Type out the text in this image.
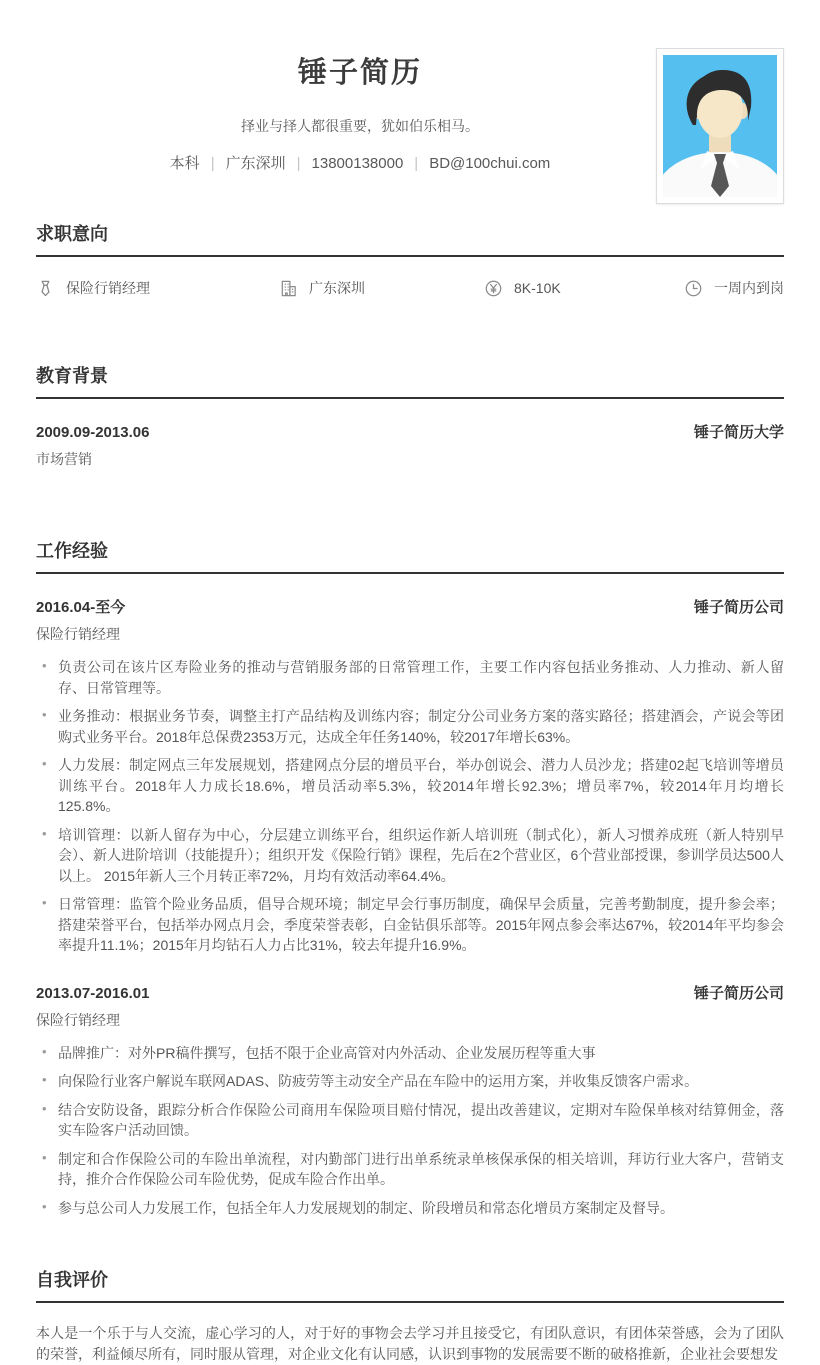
锤子简历

择业与择人都很重要，犹如伯乐相马。

本科 | 广东深圳 | 13800138000 | BD@100chui.com

求职意向
保险行销经理	广东深圳	8K-10K	一周内到岗
教育背景
2009.09-2013.06	锤子简历大学
市场营销
工作经验
2016.04-至今	锤子简历公司
保险行销经理
• 负责公司在该片区寿险业务的推动与营销服务部的日常管理工作，主要工作内容包括业务推动、人力推动、新人留存、日常管理等。
• 业务推动：根据业务节奏，调整主打产品结构及训练内容；制定分公司业务方案的落实路径；搭建酒会，产说会等团购式业务平台。2018年总保费2353万元，达成全年任务140%，较2017年增长63%。
• 人力发展：制定网点三年发展规划，搭建网点分层的增员平台，举办创说会、潜力人员沙龙；搭建02起飞培训等增员训练平台。2018年人力成长18.6%，增员活动率5.3%，较2014年增长92.3%；增员率7%，较2014年月均增长125.8%。
• 培训管理：以新人留存为中心，分层建立训练平台，组织运作新人培训班（制式化），新人习惯养成班（新人特别早会）、新人进阶培训（技能提升）；组织开发《保险行销》课程，先后在2个营业区，6个营业部授课，参训学员达500人以上。 2015年新人三个月转正率72%，月均有效活动率64.4%。
• 日常管理：监管个险业务品质，倡导合规环境；制定早会行事历制度，确保早会质量，完善考勤制度，提升参会率；搭建荣誉平台，包括举办网点月会，季度荣誉表彰，白金钻俱乐部等。2015年网点参会率达67%，较2014年平均参会率提升11.1%；2015年月均钻石人力占比31%，较去年提升16.9%。
2013.07-2016.01	锤子简历公司
保险行销经理
• 品牌推广：对外PR稿件撰写，包括不限于企业高管对内外活动、企业发展历程等重大事
• 向保险行业客户解说车联网ADAS、防疲劳等主动安全产品在车险中的运用方案，并收集反馈客户需求。
• 结合安防设备，跟踪分析合作保险公司商用车保险项目赔付情况，提出改善建议，定期对车险保单核对结算佣金，落实车险客户活动回馈。
• 制定和合作保险公司的车险出单流程，对内勤部门进行出单系统录单核保承保的相关培训，拜访行业大客户，营销支持，推介合作保险公司车险优势，促成车险合作出单。
• 参与总公司人力发展工作，包括全年人力发展规划的制定、阶段增员和常态化增员方案制定及督导。
自我评价

本人是一个乐于与人交流，虚心学习的人，对于好的事物会去学习并且接受它，有团队意识，有团体荣誉感，会为了团队的荣誉，利益倾尽所有，同时服从管理，对企业文化有认同感，认识到事物的发展需要不断的破格推新，企业社会要想发
